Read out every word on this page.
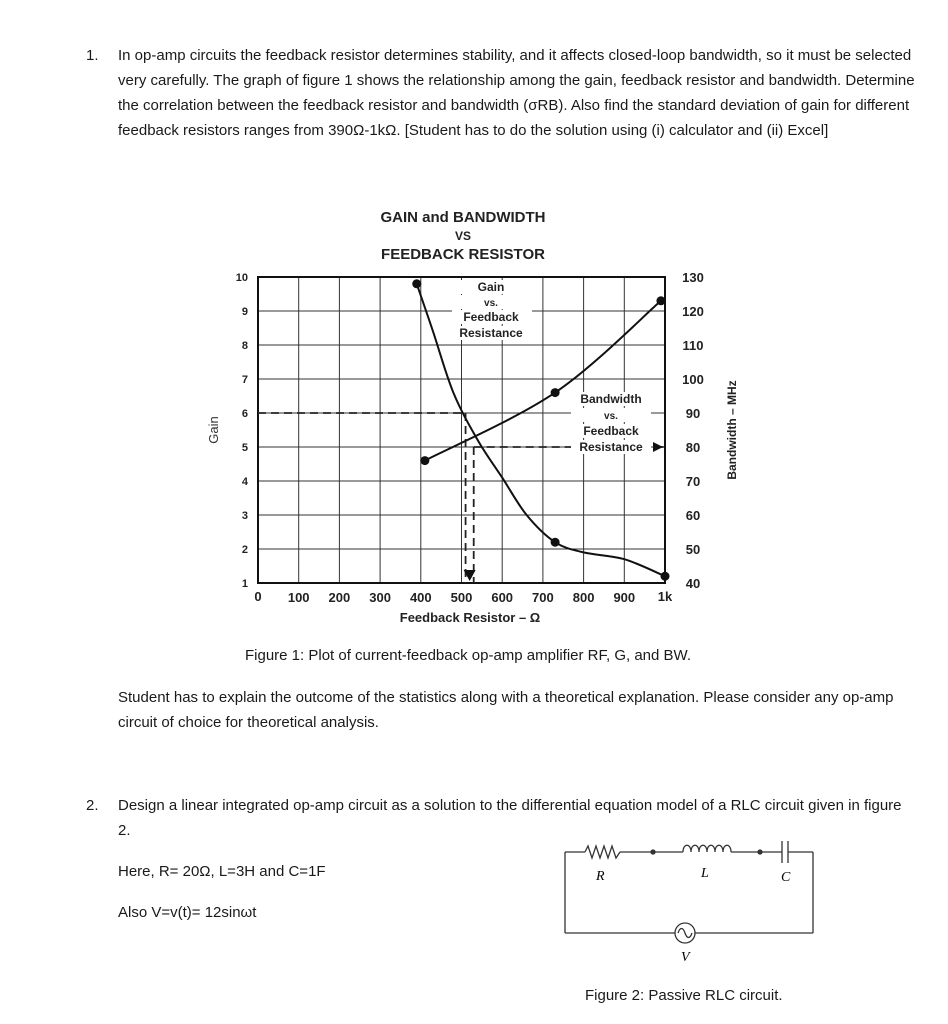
1. In op-amp circuits the feedback resistor determines stability, and it affects closed-loop bandwidth, so it must be selected very carefully. The graph of figure 1 shows the relationship among the gain, feedback resistor and bandwidth. Determine the correlation between the feedback resistor and bandwidth (σRB). Also find the standard deviation of gain for different feedback resistors ranges from 390Ω-1kΩ. [Student has to do the solution using (i) calculator and (ii) Excel]

GAIN and BANDWIDTH
VS
FEEDBACK RESISTOR
0 100 200 300 400 500 600 700 800 900 1k
1
2
3
4
5
6
7
8
9
10
40
50
60
70
80
90
100
110
120
130
Feedback Resistor – Ω
Gain	Bandwidth – MHz
Gain
vs.
Feedback
Resistance
Bandwidth
vs.
Feedback
Resistance
Figure 1: Plot of current-feedback op-amp amplifier RF, G, and BW.

Student has to explain the outcome of the statistics along with a theoretical explanation. Please consider any op-amp circuit of choice for theoretical analysis.

2. Design a linear integrated op-amp circuit as a solution to the differential equation model of a RLC circuit given in figure 2.

Here, R= 20Ω, L=3H and C=1F
Also V=v(t)= 12sinωt
R	L	C
V
Figure 2: Passive RLC circuit.
